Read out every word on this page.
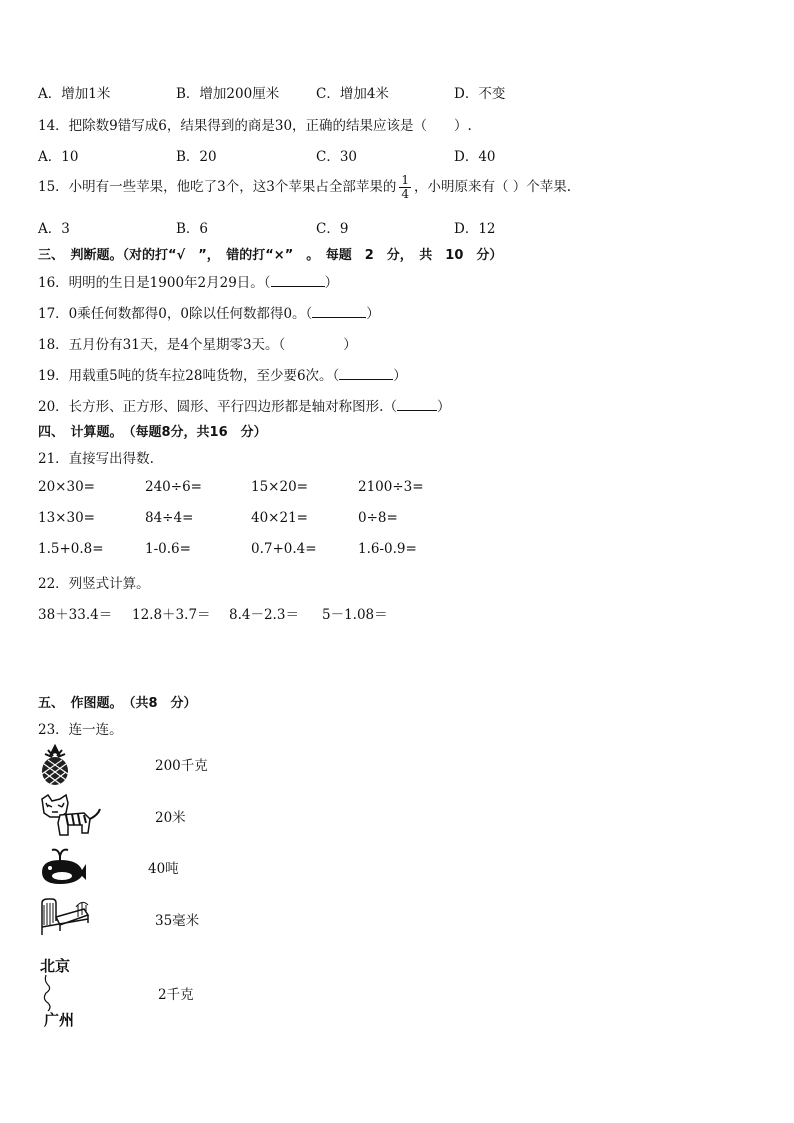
A．增加1米	B．增加200厘米	C．增加4米	D．不变
14．把除数9错写成6，结果得到的商是30，正确的结果应该是（　　）.
A．10	B．20	C．30	D．40
15．小明有一些苹果，他吃了3个，这3个苹果占全部苹果的 $\frac{1}{4}$ ，小明原来有（ ）个苹果.
A．3	B．6	C．9	D．12
三、　判断题。（对的打“√　”，　错的打“×”　。　每题　2　分，　共　10　分）
16．明明的生日是1900年2月29日。（	）
17．0乘任何数都得0，0除以任何数都得0。（	）
18．五月份有31天，是4个星期零3天。（	）
19．用载重5吨的货车拉28吨货物，至少要6次。（	）
20．长方形、正方形、圆形、平行四边形都是轴对称图形.（	）
四、　计算题。　（每题8分，共16　分）
21．直接写出得数.
20×30=	240÷6=	15×20=	2100÷3=
13×30=	84÷4=	40×21=	0÷8=
1.5+0.8=	1-0.6=	0.7+0.4=	1.6-0.9=
22．列竖式计算。
38＋33.4＝ 12.8＋3.7＝ 8.4－2.3＝ 5－1.08＝
五、　作图题。　（共8　分）
23．连一连。
北京
广州
200千克
20米
40吨
35毫米
2千克
